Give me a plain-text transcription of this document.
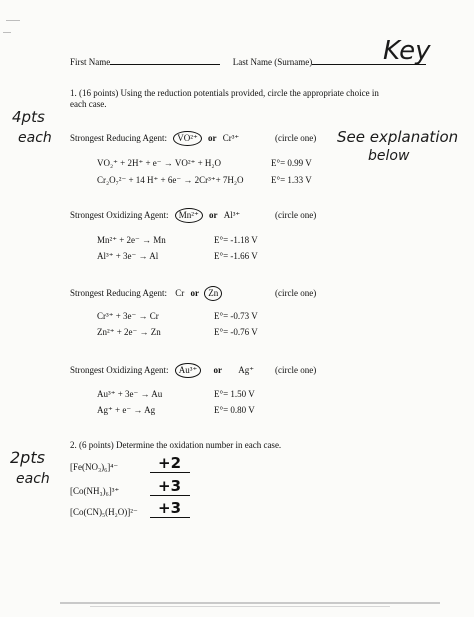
First Name	Last Name (Surname)	Key
1. (16 points) Using the reduction potentials provided, circle the appropriate choice in
each case.
4pts
each	See explanation
below
Strongest Reducing Agent: VO²⁺ or Cr³⁺	(circle one)
VO₂⁺ + 2H⁺ + e⁻ → VO²⁺ + H₂O	E°= 0.99 V
Cr₂O₇²⁻ + 14 H⁺ + 6e⁻ → 2Cr³⁺+ 7H₂O	E°= 1.33 V
Strongest Oxidizing Agent: Mn²⁺ or Al³⁺	(circle one)
Mn²⁺ + 2e⁻ → Mn	E°= -1.18 V
Al³⁺ + 3e⁻ → Al	E°= -1.66 V
Strongest Reducing Agent: Cr or Zn	(circle one)
Cr³⁺ + 3e⁻ → Cr	E°= -0.73 V
Zn²⁺ + 2e⁻ → Zn	E°= -0.76 V
Strongest Oxidizing Agent: Au³⁺ or Ag⁺ (circle one)
Au³⁺ + 3e⁻ → Au	E°= 1.50 V
Ag⁺ + e⁻ → Ag	E°= 0.80 V
2. (6 points) Determine the oxidation number in each case.
2pts
each
[Fe(NO₃)₆]⁴⁻	+2
[Co(NH₃)₆]³⁺	+3
[Co(CN)₅(H₂O)]²⁻ +3
